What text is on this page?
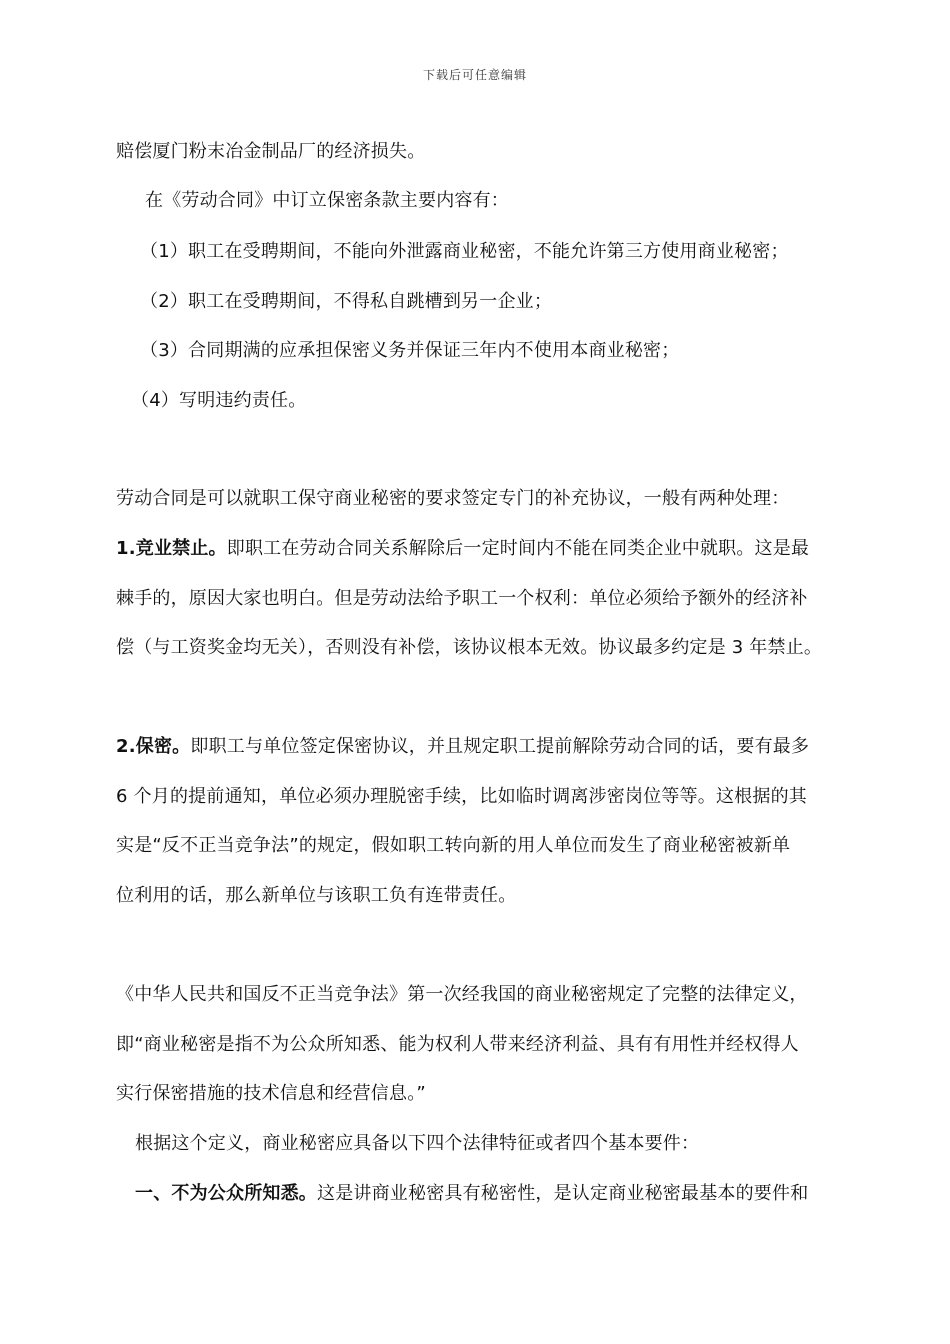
下载后可任意编辑
赔偿厦门粉末冶金制品厂的经济损失。
在《劳动合同》中订立保密条款主要内容有：
（1）职工在受聘期间，不能向外泄露商业秘密，不能允许第三方使用商业秘密；
（2）职工在受聘期间，不得私自跳槽到另一企业；
（3）合同期满的应承担保密义务并保证三年内不使用本商业秘密；
（4）写明违约责任。
劳动合同是可以就职工保守商业秘密的要求签定专门的补充协议，一般有两种处理：
1.竞业禁止。即职工在劳动合同关系解除后一定时间内不能在同类企业中就职。这是最
棘手的，原因大家也明白。但是劳动法给予职工一个权利：单位必须给予额外的经济补
偿（与工资奖金均无关），否则没有补偿，该协议根本无效。协议最多约定是 3 年禁止。
2.保密。即职工与单位签定保密协议，并且规定职工提前解除劳动合同的话，要有最多
6 个月的提前通知，单位必须办理脱密手续，比如临时调离涉密岗位等等。这根据的其
实是“反不正当竞争法”的规定，假如职工转向新的用人单位而发生了商业秘密被新单
位利用的话，那么新单位与该职工负有连带责任。
《中华人民共和国反不正当竞争法》第一次经我国的商业秘密规定了完整的法律定义，
即“商业秘密是指不为公众所知悉、能为权利人带来经济利益、具有有用性并经权得人
实行保密措施的技术信息和经营信息。”
根据这个定义，商业秘密应具备以下四个法律特征或者四个基本要件：
一、不为公众所知悉。这是讲商业秘密具有秘密性，是认定商业秘密最基本的要件和
